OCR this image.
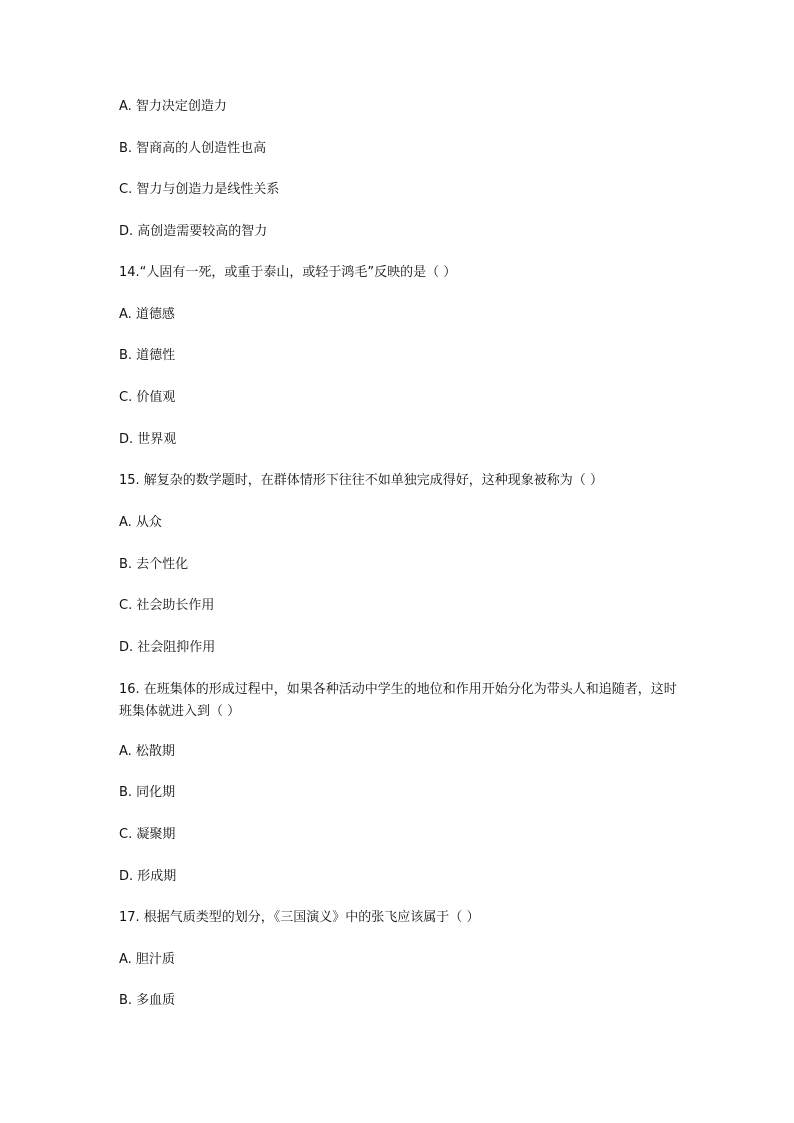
A. 智力决定创造力
B. 智商高的人创造性也高
C. 智力与创造力是线性关系
D. 高创造需要较高的智力
14.“人固有一死，或重于泰山，或轻于鸿毛”反映的是（ ）
A. 道德感
B. 道德性
C. 价值观
D. 世界观
15. 解复杂的数学题时，在群体情形下往往不如单独完成得好，这种现象被称为（ ）
A. 从众
B. 去个性化
C. 社会助长作用
D. 社会阻抑作用
16. 在班集体的形成过程中，如果各种活动中学生的地位和作用开始分化为带头人和追随者，这时班集体就进入到（ ）
A. 松散期
B. 同化期
C. 凝聚期
D. 形成期
17. 根据气质类型的划分，《三国演义》中的张飞应该属于（ ）
A. 胆汁质
B. 多血质
